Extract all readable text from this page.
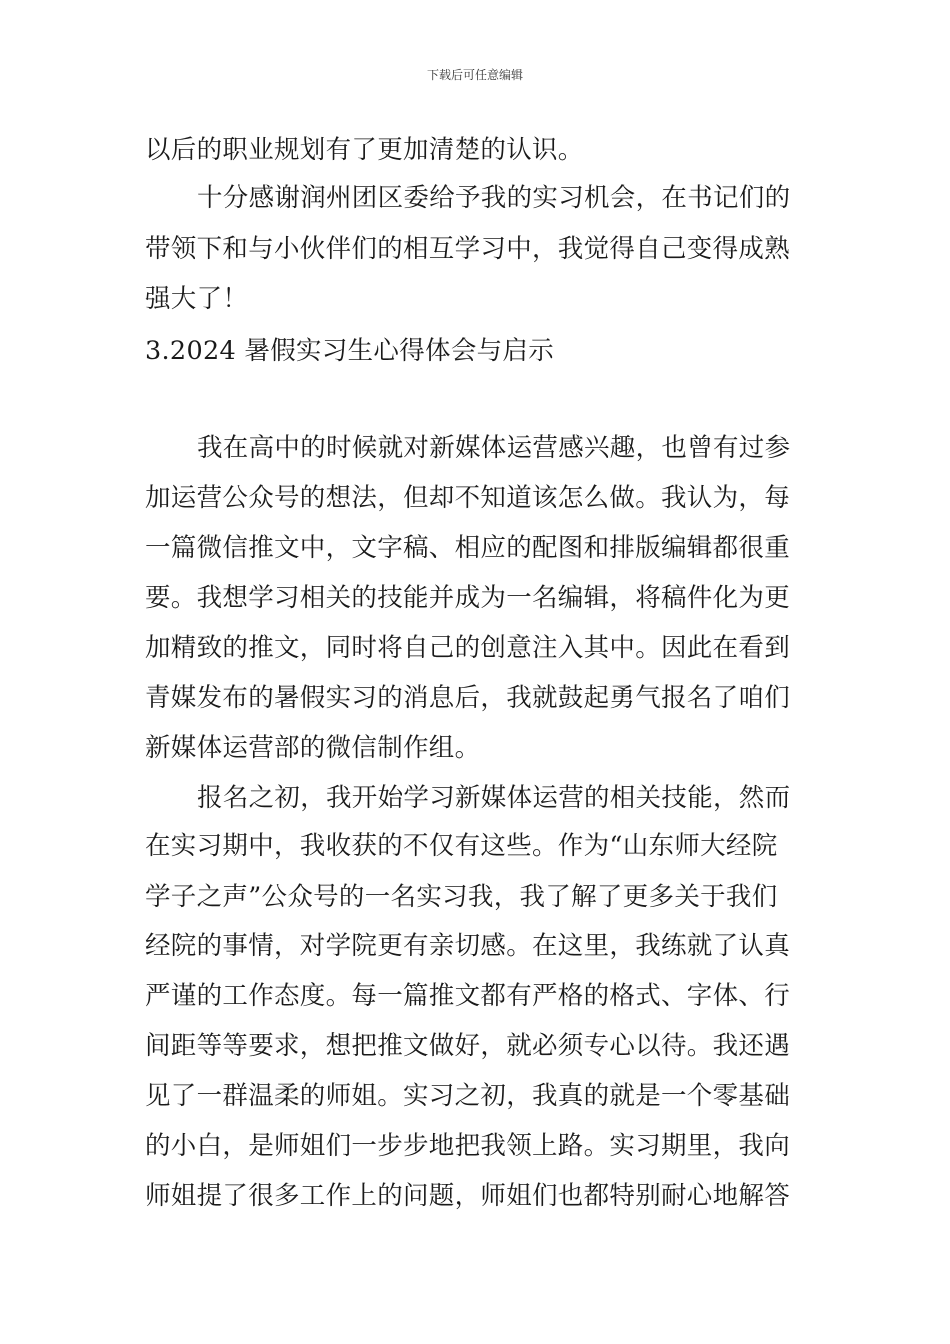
下载后可任意编辑
以后的职业规划有了更加清楚的认识。
十分感谢润州团区委给予我的实习机会，在书记们的
带领下和与小伙伴们的相互学习中，我觉得自己变得成熟
强大了！
3.2024 暑假实习生心得体会与启示
我在高中的时候就对新媒体运营感兴趣，也曾有过参
加运营公众号的想法，但却不知道该怎么做。我认为，每
一篇微信推文中，文字稿、相应的配图和排版编辑都很重
要。我想学习相关的技能并成为一名编辑，将稿件化为更
加精致的推文，同时将自己的创意注入其中。因此在看到
青媒发布的暑假实习的消息后，我就鼓起勇气报名了咱们
新媒体运营部的微信制作组。
报名之初，我开始学习新媒体运营的相关技能，然而
在实习期中，我收获的不仅有这些。作为“山东师大经院
学子之声”公众号的一名实习我，我了解了更多关于我们
经院的事情，对学院更有亲切感。在这里，我练就了认真
严谨的工作态度。每一篇推文都有严格的格式、字体、行
间距等等要求，想把推文做好，就必须专心以待。我还遇
见了一群温柔的师姐。实习之初，我真的就是一个零基础
的小白，是师姐们一步步地把我领上路。实习期里，我向
师姐提了很多工作上的问题，师姐们也都特别耐心地解答
